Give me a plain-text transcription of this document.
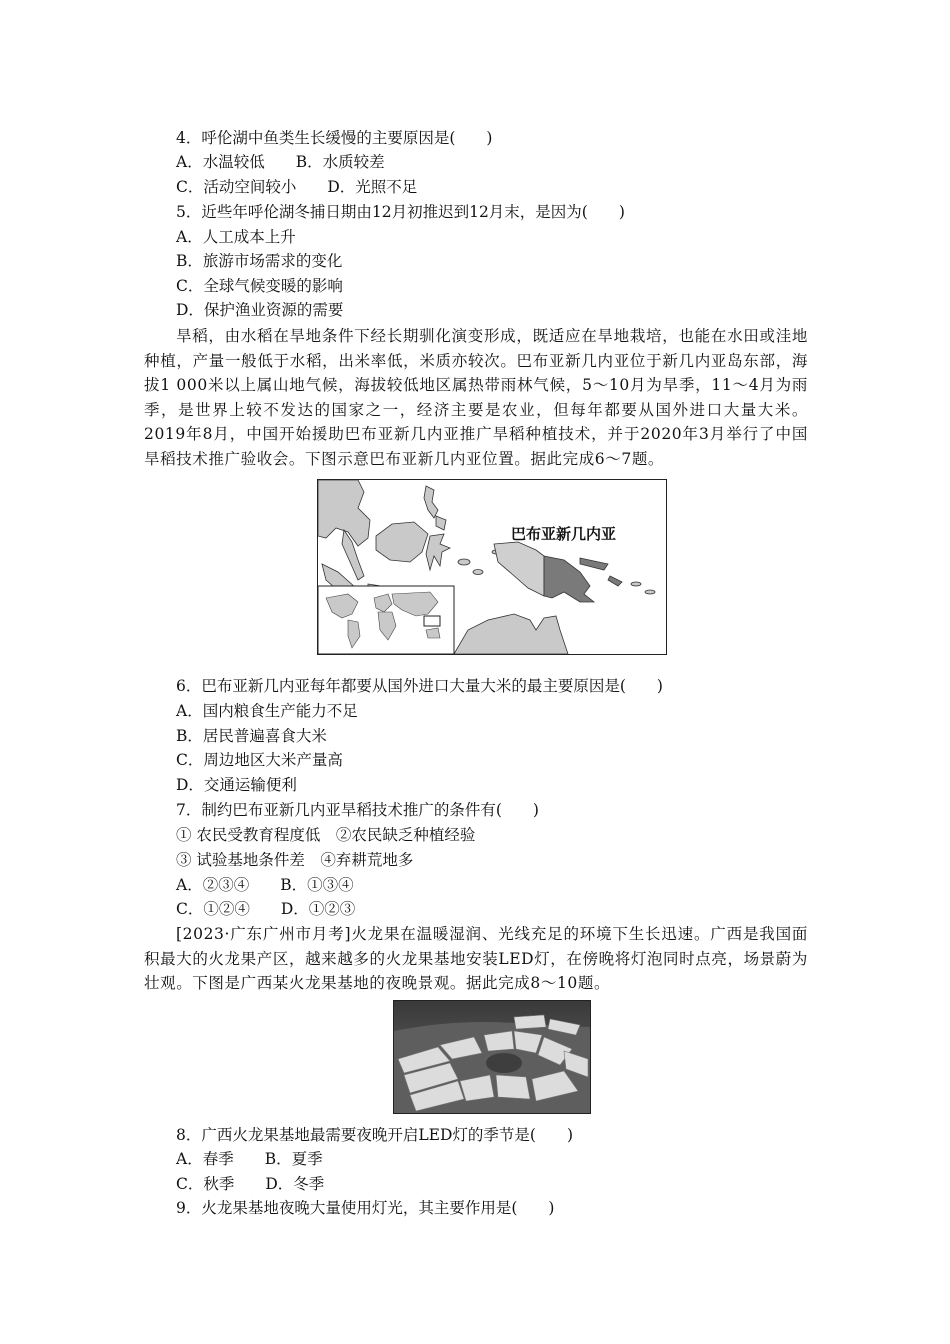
4．呼伦湖中鱼类生长缓慢的主要原因是(　　)
A．水温较低　　B．水质较差
C．活动空间较小　　D．光照不足
5．近些年呼伦湖冬捕日期由12月初推迟到12月末，是因为(　　)
A．人工成本上升
B．旅游市场需求的变化
C．全球气候变暖的影响
D．保护渔业资源的需要
旱稻，由水稻在旱地条件下经长期驯化演变形成，既适应在旱地栽培，也能在水田或洼地种植，产量一般低于水稻，出米率低，米质亦较次。巴布亚新几内亚位于新几内亚岛东部，海拔1 000米以上属山地气候，海拔较低地区属热带雨林气候，5～10月为旱季，11～4月为雨季，是世界上较不发达的国家之一，经济主要是农业，但每年都要从国外进口大量大米。2019年8月，中国开始援助巴布亚新几内亚推广旱稻种植技术，并于2020年3月举行了中国旱稻技术推广验收会。下图示意巴布亚新几内亚位置。据此完成6～7题。
巴布亚新几内亚
6．巴布亚新几内亚每年都要从国外进口大量大米的最主要原因是(　　)
A．国内粮食生产能力不足
B．居民普遍喜食大米
C．周边地区大米产量高
D．交通运输便利
7．制约巴布亚新几内亚旱稻技术推广的条件有(　　)
① 农民受教育程度低　②农民缺乏种植经验
③ 试验基地条件差　④弃耕荒地多
A．②③④　　B．①③④
C．①②④　　D．①②③
[2023·广东广州市月考]火龙果在温暖湿润、光线充足的环境下生长迅速。广西是我国面积最大的火龙果产区，越来越多的火龙果基地安装LED灯，在傍晚将灯泡同时点亮，场景蔚为壮观。下图是广西某火龙果基地的夜晚景观。据此完成8～10题。
8．广西火龙果基地最需要夜晚开启LED灯的季节是(　　)
A．春季　　B．夏季
C．秋季　　D．冬季
9．火龙果基地夜晚大量使用灯光，其主要作用是(　　)
